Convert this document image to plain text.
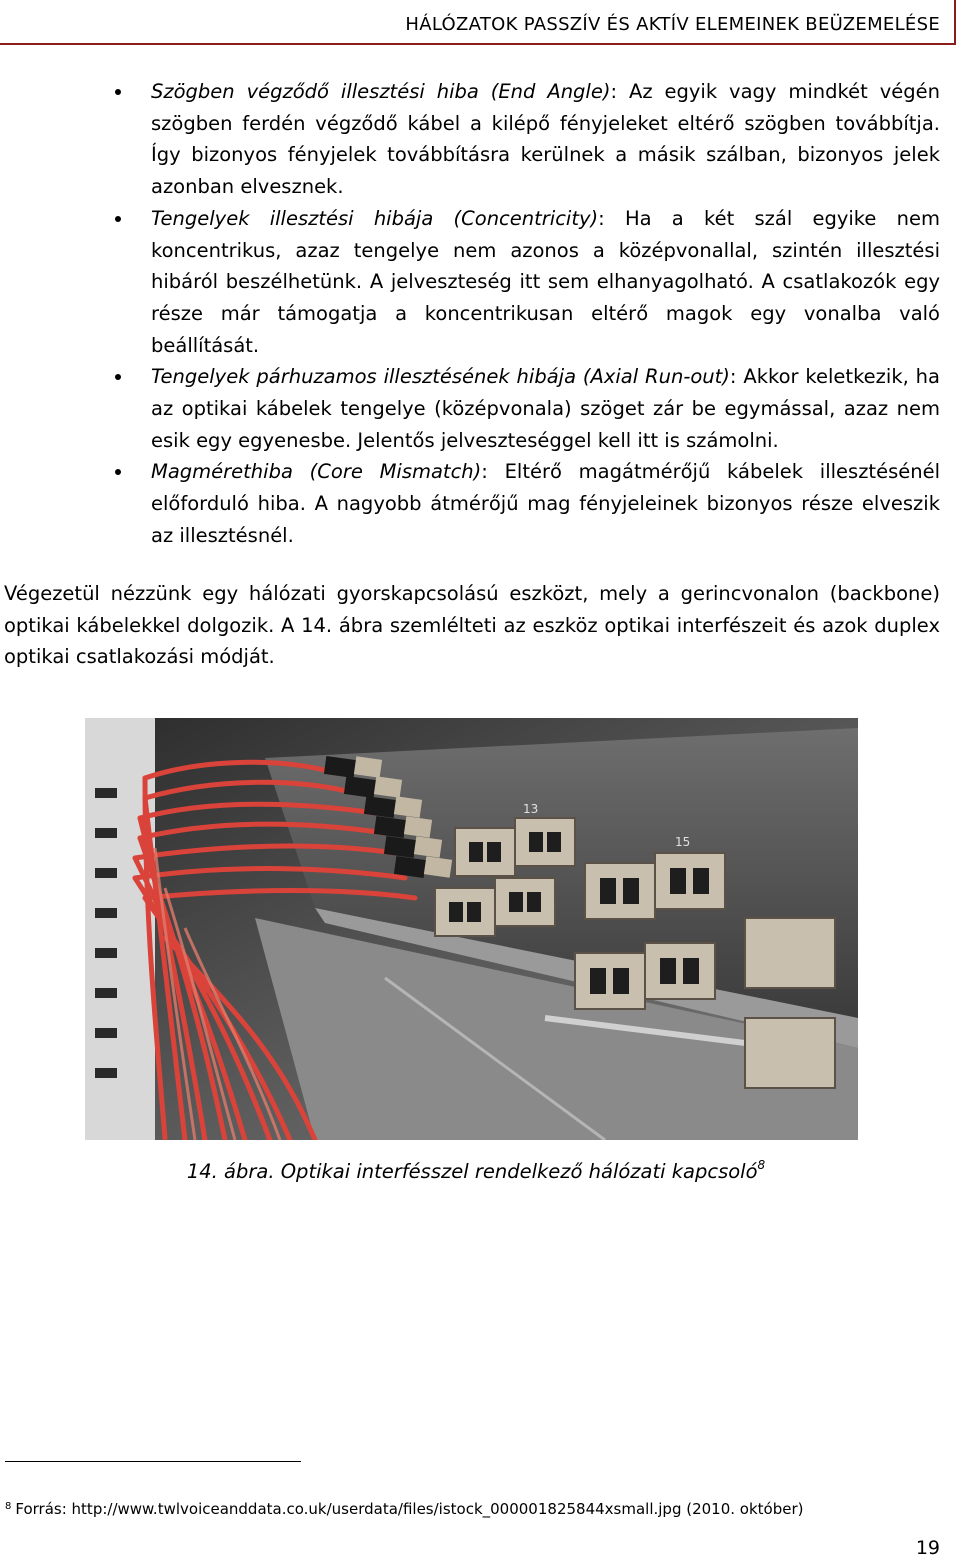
HÁLÓZATOK PASSZÍV ÉS AKTÍV ELEMEINEK BEÜZEMELÉSE
Szögben végződő illesztési hiba (End Angle): Az egyik vagy mindkét végén szögben ferdén végződő kábel a kilépő fényjeleket eltérő szögben továbbítja. Így bizonyos fényjelek továbbításra kerülnek a másik szálban, bizonyos jelek azonban elvesznek.
Tengelyek illesztési hibája (Concentricity): Ha a két szál egyike nem koncentrikus, azaz tengelye nem azonos a középvonallal, szintén illesztési hibáról beszélhetünk. A jelveszteség itt sem elhanyagolható. A csatlakozók egy része már támogatja a koncentrikusan eltérő magok egy vonalba való beállítását.
Tengelyek párhuzamos illesztésének hibája (Axial Run-out): Akkor keletkezik, ha az optikai kábelek tengelye (középvonala) szöget zár be egymással, azaz nem esik egy egyenesbe. Jelentős jelveszteséggel kell itt is számolni.
Magmérethiba (Core Mismatch): Eltérő magátmérőjű kábelek illesztésénél előforduló hiba. A nagyobb átmérőjű mag fényjeleinek bizonyos része elveszik az illesztésnél.
Végezetül nézzünk egy hálózati gyorskapcsolású eszközt, mely a gerincvonalon (backbone) optikai kábelekkel dolgozik. A 14. ábra szemlélteti az eszköz optikai interfészeit és azok duplex optikai csatlakozási módját.
13
15
14. ábra. Optikai interfésszel rendelkező hálózati kapcsoló$^8$
$^8$ Forrás: http://www.twlvoiceanddata.co.uk/userdata/files/istock_000001825844xsmall.jpg (2010. október)
19
